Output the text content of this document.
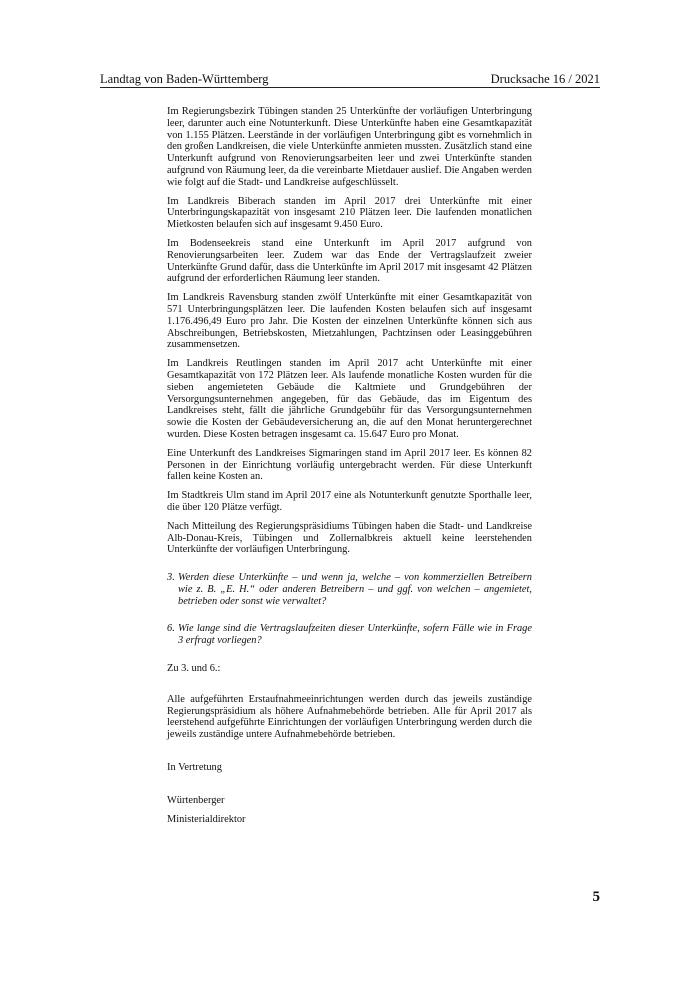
Landtag von Baden-Württemberg	Drucksache 16 / 2021

Im Regierungsbezirk Tübingen standen 25 Unterkünfte der vorläufigen Unterbringung leer, darunter auch eine Notunterkunft. Diese Unterkünfte haben eine Gesamtkapazität von 1.155 Plätzen. Leerstände in der vorläufigen Unterbringung gibt es vornehmlich in den großen Landkreisen, die viele Unterkünfte anmieten mussten. Zusätzlich stand eine Unterkunft aufgrund von Renovierungsarbeiten leer und zwei Unterkünfte standen aufgrund von Räumung leer, da die vereinbarte Mietdauer auslief. Die Angaben werden wie folgt auf die Stadt- und Landkreise aufgeschlüsselt.

Im Landkreis Biberach standen im April 2017 drei Unterkünfte mit einer Unterbringungskapazität von insgesamt 210 Plätzen leer. Die laufenden monatlichen Mietkosten belaufen sich auf insgesamt 9.450 Euro.

Im Bodenseekreis stand eine Unterkunft im April 2017 aufgrund von Renovierungsarbeiten leer. Zudem war das Ende der Vertragslaufzeit zweier Unterkünfte Grund dafür, dass die Unterkünfte im April 2017 mit insgesamt 42 Plätzen aufgrund der erforderlichen Räumung leer standen.

Im Landkreis Ravensburg standen zwölf Unterkünfte mit einer Gesamtkapazität von 571 Unterbringungsplätzen leer. Die laufenden Kosten belaufen sich auf insgesamt 1.176.496,49 Euro pro Jahr. Die Kosten der einzelnen Unterkünfte können sich aus Abschreibungen, Betriebskosten, Mietzahlungen, Pachtzinsen oder Leasinggebühren zusammensetzen.

Im Landkreis Reutlingen standen im April 2017 acht Unterkünfte mit einer Gesamtkapazität von 172 Plätzen leer. Als laufende monatliche Kosten wurden für die sieben angemieteten Gebäude die Kaltmiete und Grundgebühren der Versorgungsunternehmen angegeben, für das Gebäude, das im Eigentum des Landkreises steht, fällt die jährliche Grundgebühr für das Versorgungsunternehmen sowie die Kosten der Gebäudeversicherung an, die auf den Monat heruntergerechnet wurden. Diese Kosten betragen insgesamt ca. 15.647 Euro pro Monat.

Eine Unterkunft des Landkreises Sigmaringen stand im April 2017 leer. Es können 82 Personen in der Einrichtung vorläufig untergebracht werden. Für diese Unterkunft fallen keine Kosten an.

Im Stadtkreis Ulm stand im April 2017 eine als Notunterkunft genutzte Sporthalle leer, die über 120 Plätze verfügt.

Nach Mitteilung des Regierungspräsidiums Tübingen haben die Stadt- und Landkreise Alb-Donau-Kreis, Tübingen und Zollernalbkreis aktuell keine leerstehenden Unterkünfte der vorläufigen Unterbringung.

3. Werden diese Unterkünfte – und wenn ja, welche – von kommerziellen Betreibern wie z. B. „E. H.“ oder anderen Betreibern – und ggf. von welchen – angemietet, betrieben oder sonst wie verwaltet?

6. Wie lange sind die Vertragslaufzeiten dieser Unterkünfte, sofern Fälle wie in Frage 3 erfragt vorliegen?

Zu 3. und 6.:

Alle aufgeführten Erstaufnahmeeinrichtungen werden durch das jeweils zuständige Regierungspräsidium als höhere Aufnahmebehörde betrieben. Alle für April 2017 als leerstehend aufgeführte Einrichtungen der vorläufigen Unterbringung werden durch die jeweils zuständige untere Aufnahmebehörde betrieben.

In Vertretung

Würtenberger

Ministerialdirektor

5
